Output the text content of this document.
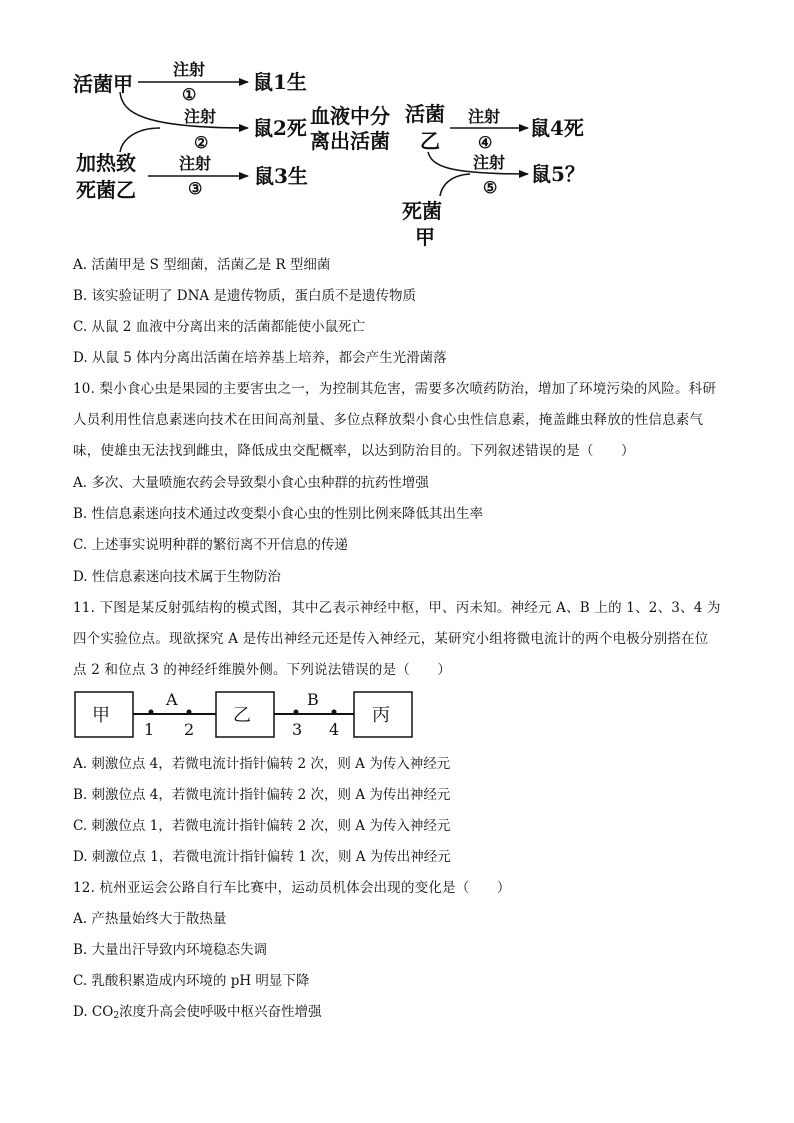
活菌甲
注射
①
鼠1生
注射
②
鼠2死 血液中分
离出活菌
活菌
乙
注射
④
鼠4死
加热致
死菌乙
注射
③
鼠3生
注射
⑤
鼠5？
死菌
甲
A. 活菌甲是 S 型细菌，活菌乙是 R 型细菌
B. 该实验证明了 DNA 是遗传物质，蛋白质不是遗传物质
C. 从鼠 2 血液中分离出来的活菌都能使小鼠死亡
D. 从鼠 5 体内分离出活菌在培养基上培养，都会产生光滑菌落
10. 梨小食心虫是果园的主要害虫之一，为控制其危害，需要多次喷药防治，增加了环境污染的风险。科研
人员利用性信息素迷向技术在田间高剂量、多位点释放梨小食心虫性信息素，掩盖雌虫释放的性信息素气
味，使雄虫无法找到雌虫，降低成虫交配概率，以达到防治目的。下列叙述错误的是（　　）
A. 多次、大量喷施农药会导致梨小食心虫种群的抗药性增强
B. 性信息素迷向技术通过改变梨小食心虫的性别比例来降低其出生率
C. 上述事实说明种群的繁衍离不开信息的传递
D. 性信息素迷向技术属于生物防治
11. 下图是某反射弧结构的模式图，其中乙表示神经中枢，甲、丙未知。神经元 A、B 上的 1、2、3、4 为
四个实验位点。现欲探究 A 是传出神经元还是传入神经元，某研究小组将微电流计的两个电极分别搭在位
点 2 和位点 3 的神经纤维膜外侧。下列说法错误的是（　　）
甲	乙	丙
A	B
1 2	3 4
A. 刺激位点 4，若微电流计指针偏转 2 次，则 A 为传入神经元
B. 刺激位点 4，若微电流计指针偏转 2 次，则 A 为传出神经元
C. 刺激位点 1，若微电流计指针偏转 2 次，则 A 为传入神经元
D. 刺激位点 1，若微电流计指针偏转 1 次，则 A 为传出神经元
12. 杭州亚运会公路自行车比赛中，运动员机体会出现的变化是（　　）
A. 产热量始终大于散热量
B. 大量出汗导致内环境稳态失调
C. 乳酸积累造成内环境的 pH 明显下降
D. $CO_2$浓度升高会使呼吸中枢兴奋性增强
